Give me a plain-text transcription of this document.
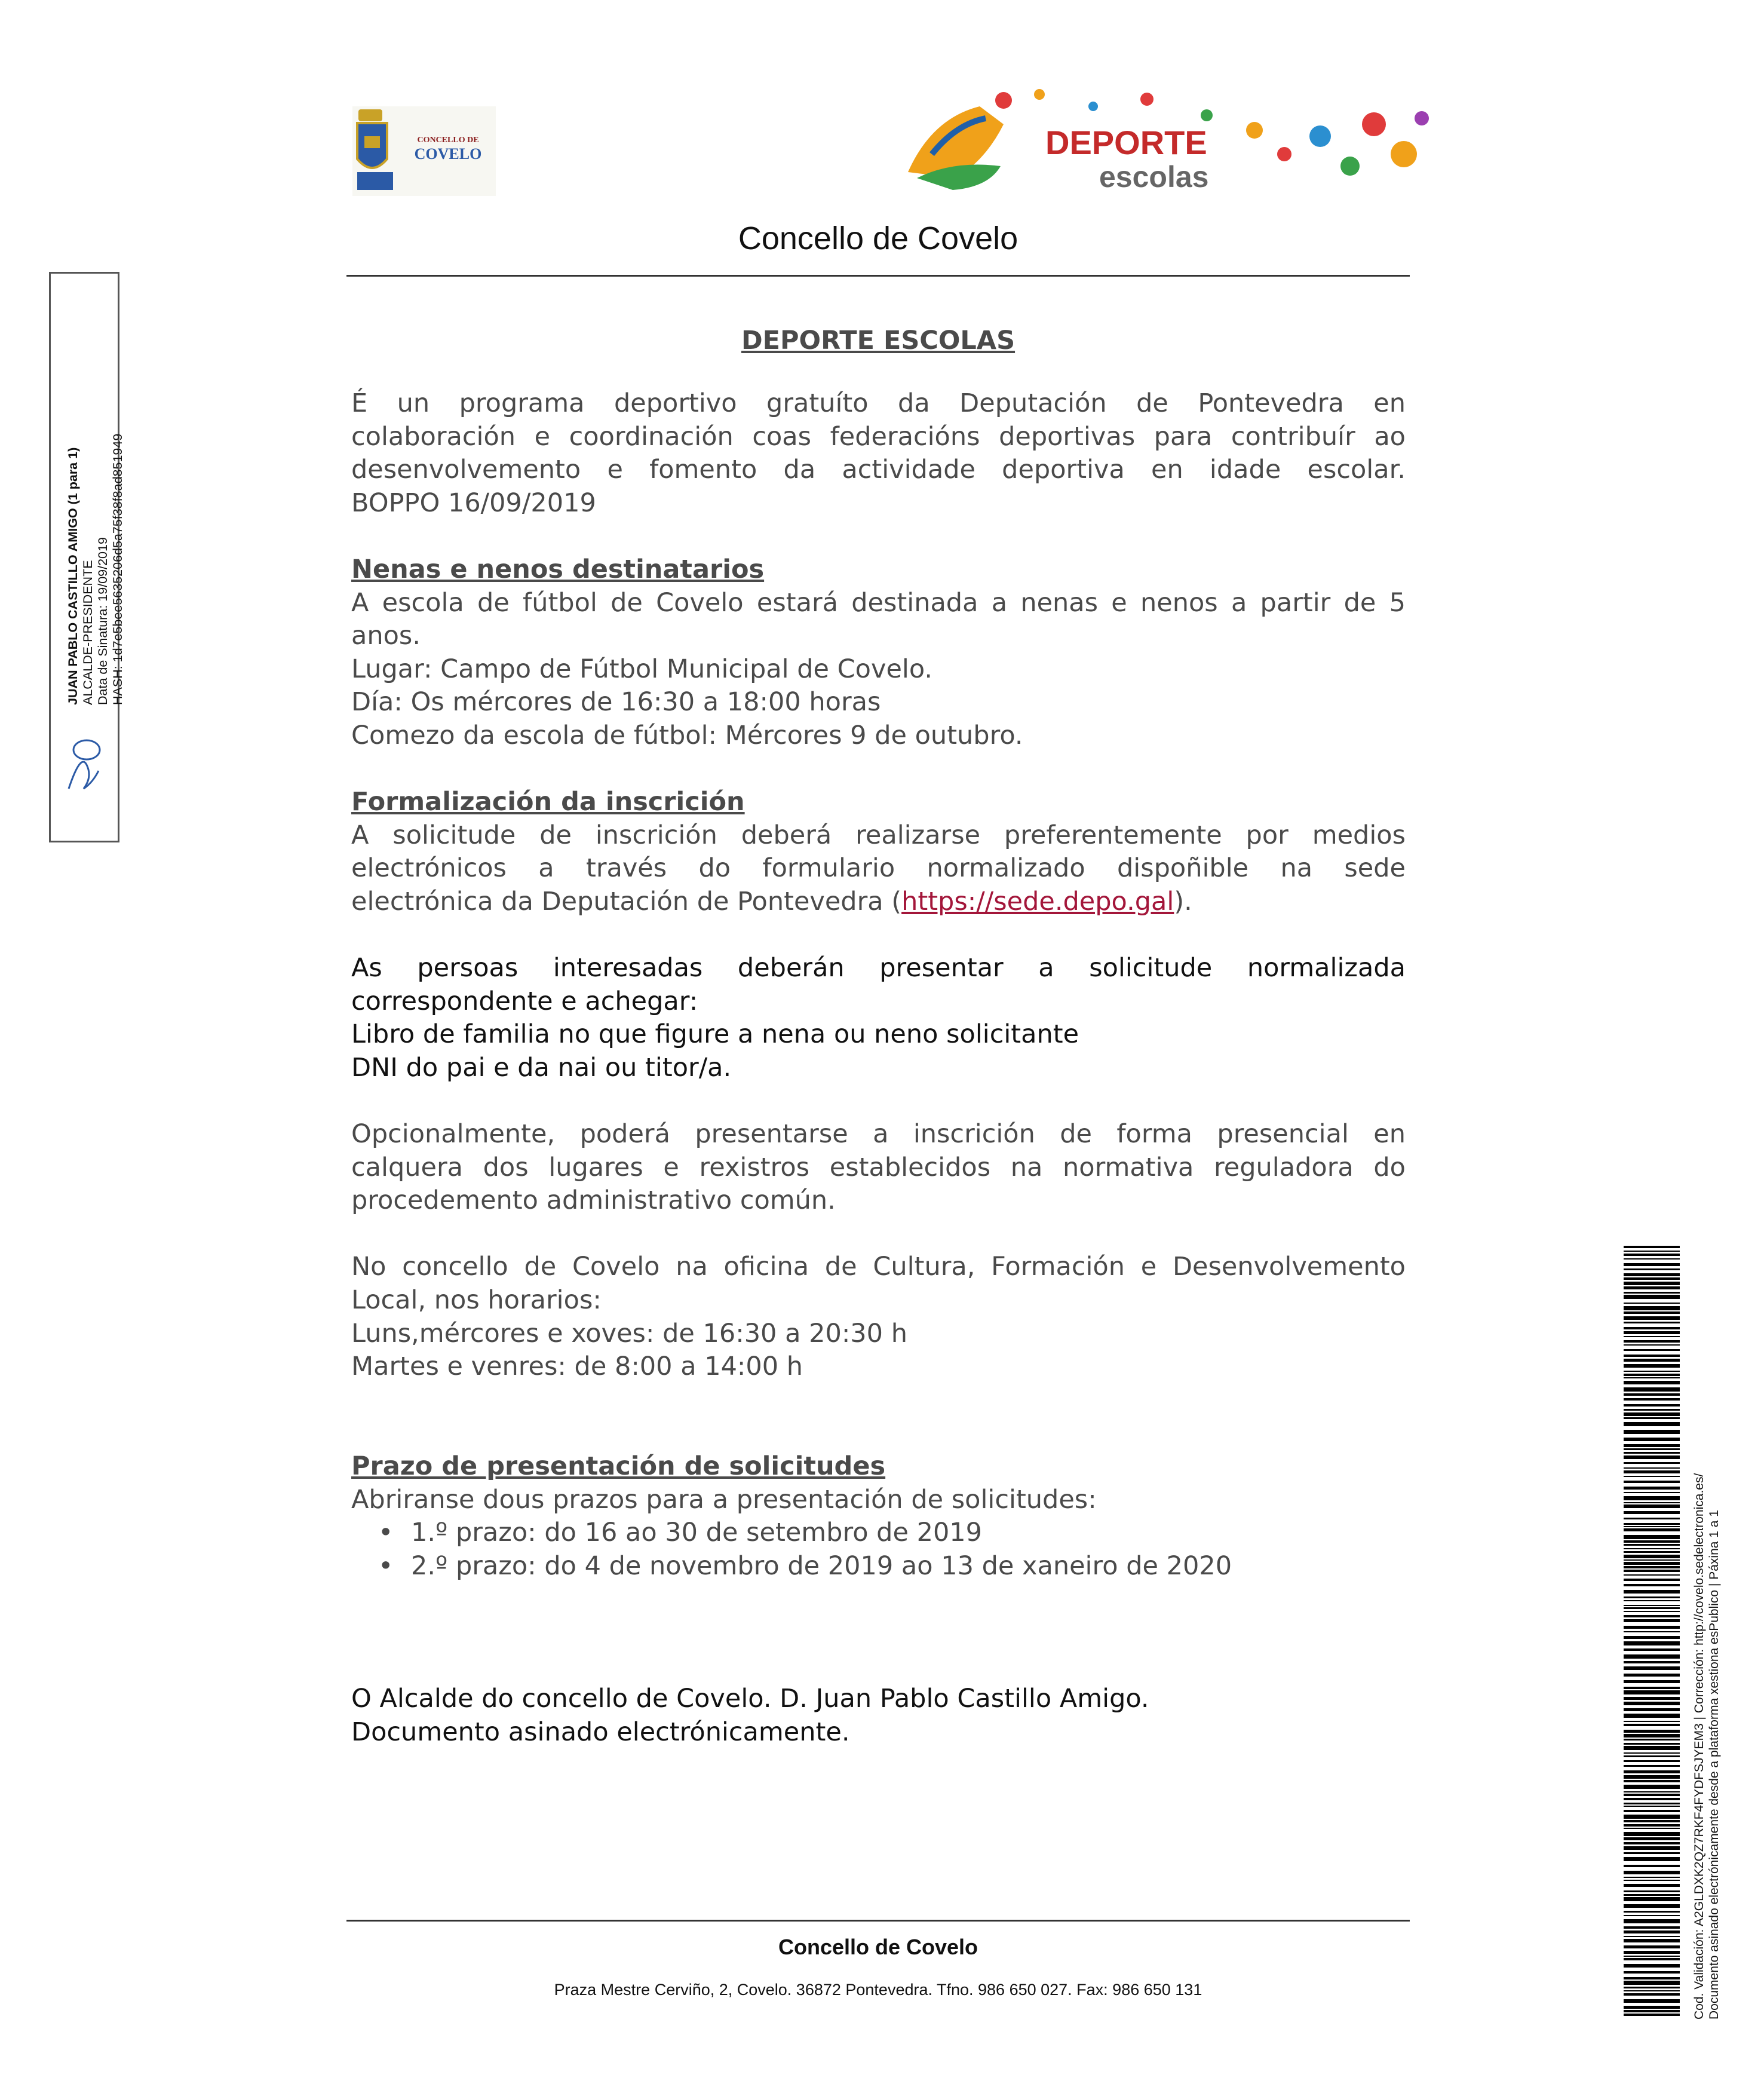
CONCELLO DE
COVELO	DEPORTE
escolas
Concello de Covelo
DEPORTE ESCOLAS

É un programa deportivo gratuíto da Deputación de Pontevedra en

colaboración e coordinación coas federacións deportivas para contribuír ao

desenvolvemento e fomento da actividade deportiva en idade escolar.

BOPPO 16/09/2019

Nenas e nenos destinatarios

A escola de fútbol de Covelo estará destinada a nenas e nenos a partir de 5

anos.

Lugar: Campo de Fútbol Municipal de Covelo.

Día: Os mércores de 16:30 a 18:00 horas

Comezo da escola de fútbol: Mércores 9 de outubro.

Formalización da inscrición

A solicitude de inscrición deberá realizarse preferentemente por medios

electrónicos a través do formulario normalizado dispoñible na sede

electrónica da Deputación de Pontevedra (https://sede.depo.gal).

As persoas interesadas deberán presentar a solicitude normalizada

correspondente e achegar:

Libro de familia no que figure a nena ou neno solicitante

DNI do pai e da nai ou titor/a.

Opcionalmente, poderá presentarse a inscrición de forma presencial en

calquera dos lugares e rexistros establecidos na normativa reguladora do

procedemento administrativo común.

No concello de Covelo na oficina de Cultura, Formación e Desenvolvemento

Local, nos horarios:

Luns,mércores e xoves: de 16:30 a 20:30 h

Martes e venres: de 8:00 a 14:00 h

Prazo de presentación de solicitudes

Abriranse dous prazos para a presentación de solicitudes:

• 1.º prazo: do 16 ao 30 de setembro de 2019
• 2.º prazo: do 4 de novembro de 2019 ao 13 de xaneiro de 2020

O Alcalde do concello de Covelo. D. Juan Pablo Castillo Amigo.

Documento asinado electrónicamente.

JUAN PABLO CASTILLO AMIGO (1 para 1) ALCALDE-PRESIDENTE Data de Sinatura: 19/09/2019 HASH: 1d7e5bee5635206d5a75f38f8ad851949
Concello de Covelo
Praza Mestre Cerviño, 2, Covelo. 36872 Pontevedra. Tfno. 986 650 027. Fax: 986 650 131	Cod. Validación: A2GLDXK2QZ7RKF4FYDFSJYEM3 | Corrección: http://covelo.sedelectronica.es/ Documento asinado electrónicamente desde a plataforma xestiona esPublico | Páxina 1 a 1
